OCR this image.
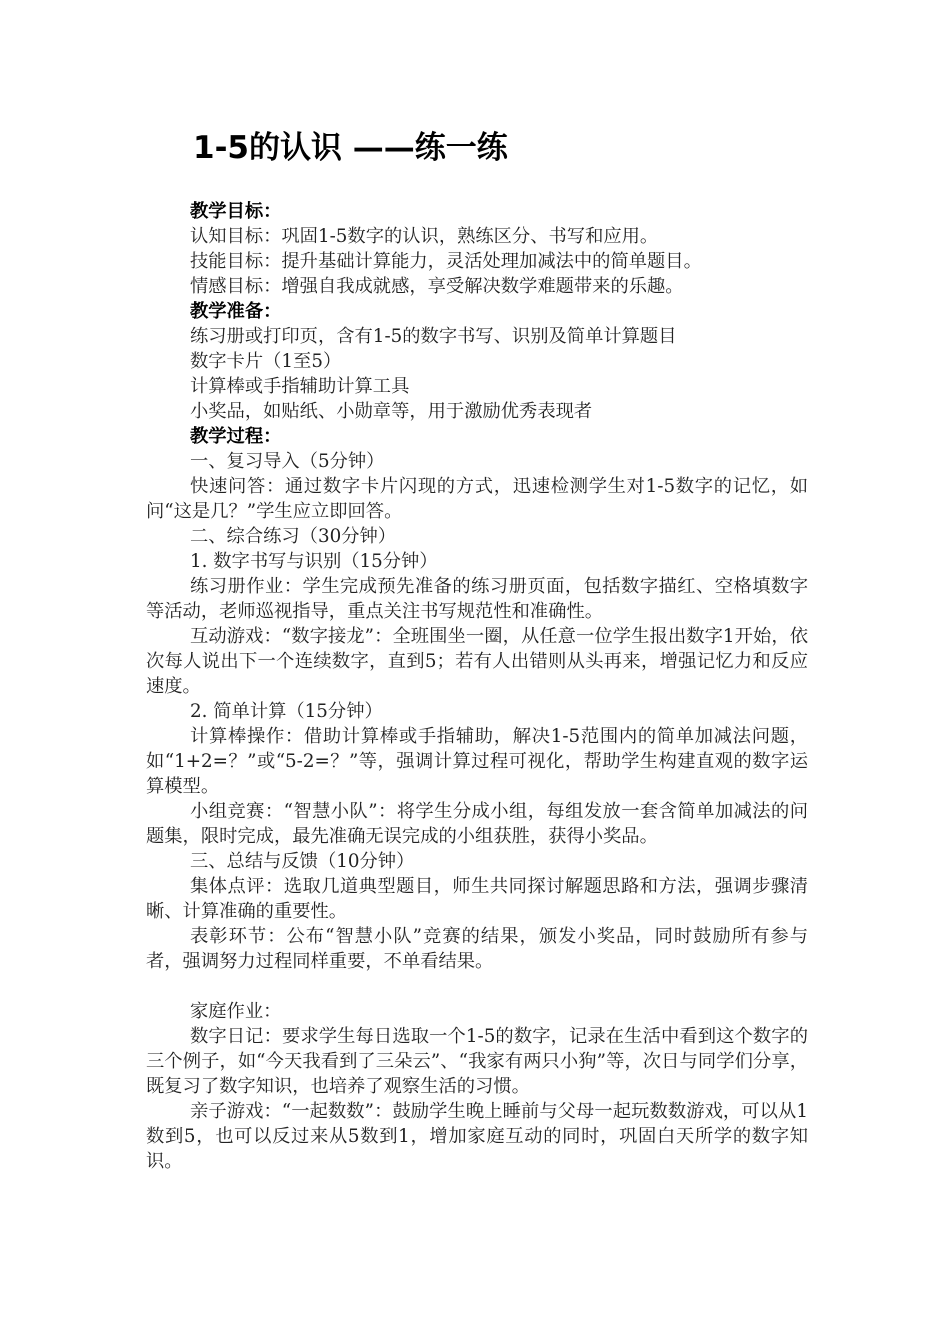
1-5的认识 ——练一练

教学目标：

认知目标：巩固1-5数字的认识，熟练区分、书写和应用。

技能目标：提升基础计算能力，灵活处理加减法中的简单题目。

情感目标：增强自我成就感，享受解决数学难题带来的乐趣。

教学准备：

练习册或打印页，含有1-5的数字书写、识别及简单计算题目

数字卡片（1至5）

计算棒或手指辅助计算工具

小奖品，如贴纸、小勋章等，用于激励优秀表现者

教学过程：

一、复习导入（5分钟）

快速问答：通过数字卡片闪现的方式，迅速检测学生对1-5数字的记忆，如问“这是几？”学生应立即回答。

二、综合练习（30分钟）

1. 数字书写与识别（15分钟）

练习册作业：学生完成预先准备的练习册页面，包括数字描红、空格填数字等活动，老师巡视指导，重点关注书写规范性和准确性。

互动游戏：“数字接龙”：全班围坐一圈，从任意一位学生报出数字1开始，依次每人说出下一个连续数字，直到5；若有人出错则从头再来，增强记忆力和反应速度。

2. 简单计算（15分钟）

计算棒操作：借助计算棒或手指辅助，解决1-5范围内的简单加减法问题，如“1+2=？”或“5-2=？”等，强调计算过程可视化，帮助学生构建直观的数字运算模型。

小组竞赛：“智慧小队”：将学生分成小组，每组发放一套含简单加减法的问题集，限时完成，最先准确无误完成的小组获胜，获得小奖品。

三、总结与反馈（10分钟）

集体点评：选取几道典型题目，师生共同探讨解题思路和方法，强调步骤清晰、计算准确的重要性。

表彰环节：公布“智慧小队”竞赛的结果，颁发小奖品，同时鼓励所有参与者，强调努力过程同样重要，不单看结果。

家庭作业：

数字日记：要求学生每日选取一个1-5的数字，记录在生活中看到这个数字的三个例子，如“今天我看到了三朵云”、“我家有两只小狗”等，次日与同学们分享，既复习了数字知识，也培养了观察生活的习惯。

亲子游戏：“一起数数”：鼓励学生晚上睡前与父母一起玩数数游戏，可以从1数到5，也可以反过来从5数到1，增加家庭互动的同时，巩固白天所学的数字知识。
